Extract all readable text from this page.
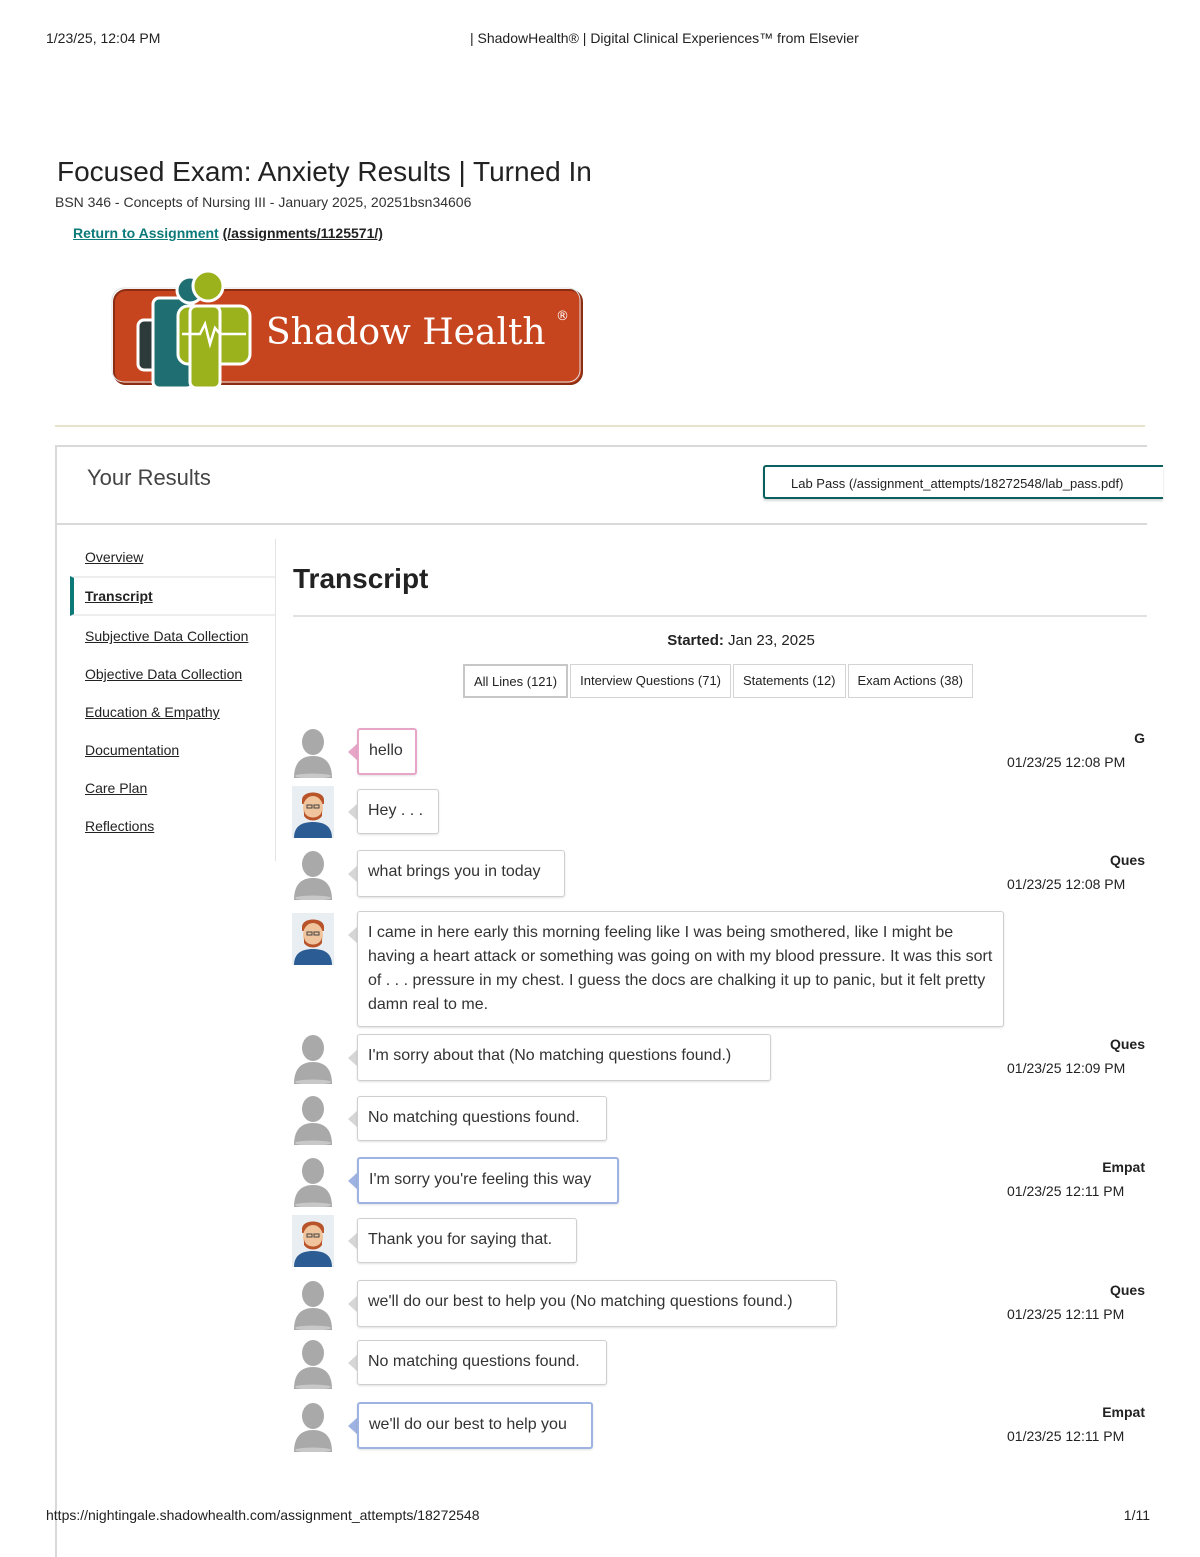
1/23/25, 12:04 PM	| ShadowHealth® | Digital Clinical Experiences™ from Elsevier
Focused Exam: Anxiety Results | Turned In
BSN 346 - Concepts of Nursing III - January 2025, 20251bsn34606
Return to Assignment (/assignments/1125571/)
Shadow Health ®
Your Results	Lab Pass (/assignment_attempts/18272548/lab_pass.pdf)
Overview
Transcript
Subjective Data Collection
Objective Data Collection
Education & Empathy
Documentation
Care Plan
Reflections
Transcript
Started: Jan 23, 2025
All Lines (121)	Interview Questions (71)	Statements (12)	Exam Actions (38)
hello
Hey . . .
what brings you in today
I came in here early this morning feeling like I was being smothered, like I might be having a heart attack or something was going on with my blood pressure. It was this sort of . . . pressure in my chest. I guess the docs are chalking it up to panic, but it felt pretty damn real to me.
I'm sorry about that (No matching questions found.)
No matching questions found.
I'm sorry you're feeling this way
Thank you for saying that.
we'll do our best to help you (No matching questions found.)
No matching questions found.
we'll do our best to help you
https://nightingale.shadowhealth.com/assignment_attempts/18272548	1/11
G
01/23/25 12:08 PM
Ques
01/23/25 12:08 PM
Ques
01/23/25 12:09 PM
Empat
01/23/25 12:11 PM
Ques
01/23/25 12:11 PM
Empat
01/23/25 12:11 PM
